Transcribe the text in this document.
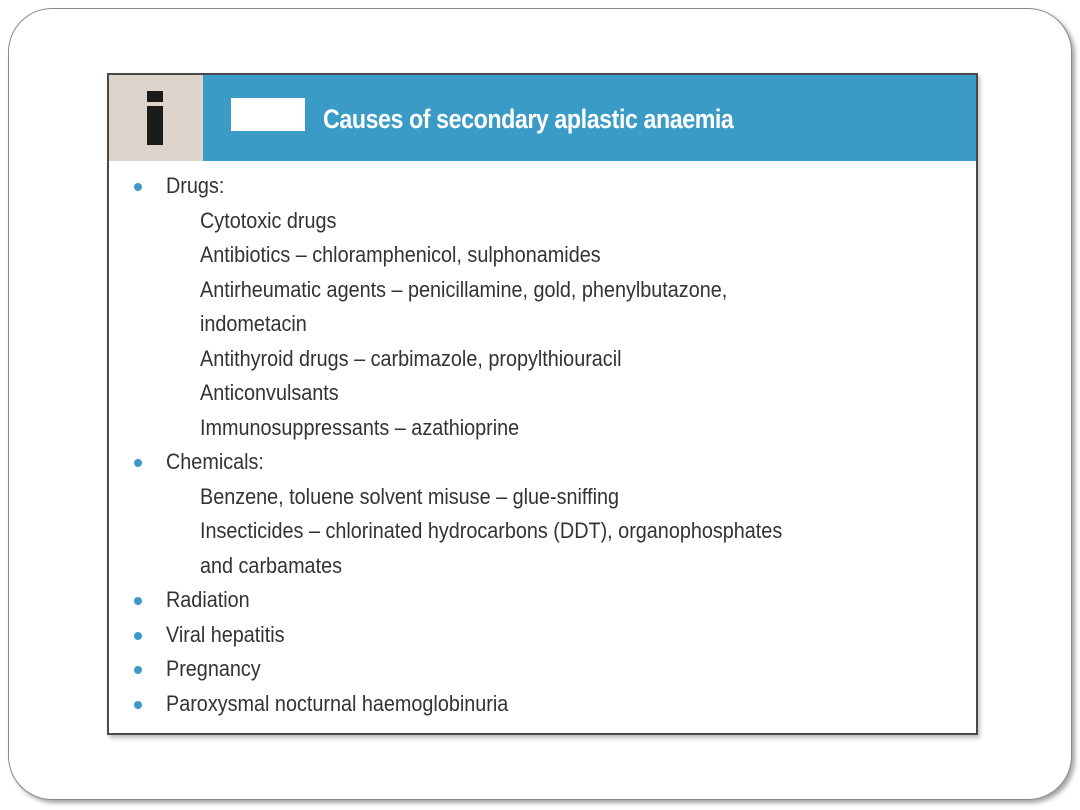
Causes of secondary aplastic anaemia
Drugs:
Cytotoxic drugs
Antibiotics – chloramphenicol, sulphonamides
Antirheumatic agents – penicillamine, gold, phenylbutazone,
indometacin
Antithyroid drugs – carbimazole, propylthiouracil
Anticonvulsants
Immunosuppressants – azathioprine
Chemicals:
Benzene, toluene solvent misuse – glue-sniffing
Insecticides – chlorinated hydrocarbons (DDT), organophosphates
and carbamates
Radiation
Viral hepatitis
Pregnancy
Paroxysmal nocturnal haemoglobinuria
